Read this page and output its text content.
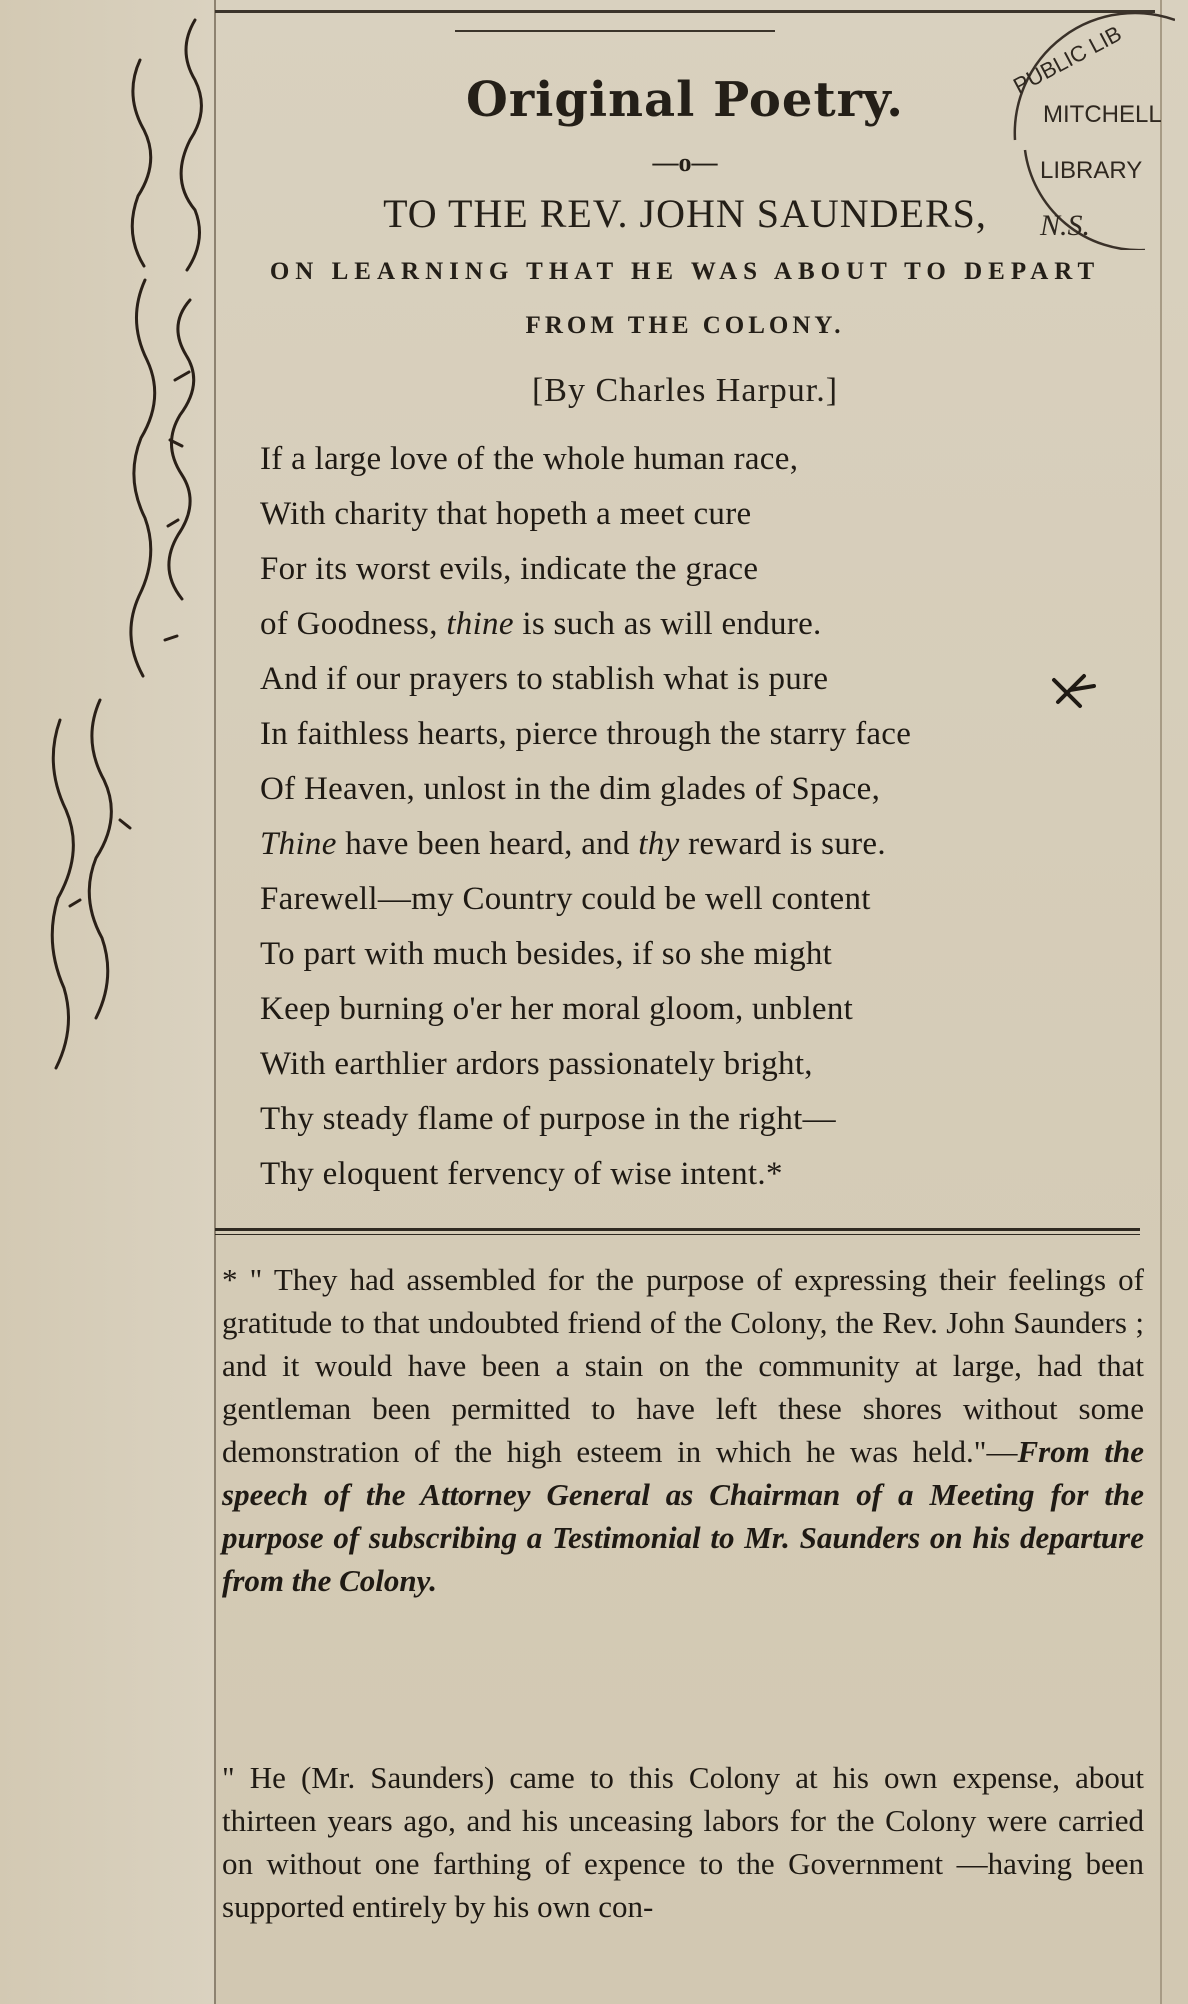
Original Poetry.
—o—
TO THE REV. JOHN SAUNDERS,
ON LEARNING THAT HE WAS ABOUT TO DEPART
FROM THE COLONY.
[By Charles Harpur.]
If a large love of the whole human race,
With charity that hopeth a meet cure
For its worst evils, indicate the grace
of Goodness, thine is such as will endure.
And if our prayers to stablish what is pure
In faithless hearts, pierce through the starry face
Of Heaven, unlost in the dim glades of Space,
Thine have been heard, and thy reward is sure.
Farewell—my Country could be well content
To part with much besides, if so she might
Keep burning o'er her moral gloom, unblent
With earthlier ardors passionately bright,
Thy steady flame of purpose in the right—
Thy eloquent fervency of wise intent.*

* " They had assembled for the purpose of expressing their feelings of gratitude to that undoubted friend of the Colony, the Rev. John Saunders ; and it would have been a stain on the community at large, had that gentleman been permitted to have left these shores without some demonstration of the high esteem in which he was held."—From the speech of the Attorney General as Chairman of a Meeting for the purpose of subscribing a Testimonial to Mr. Saunders on his departure from the Colony.

" He (Mr. Saunders) came to this Colony at his own expense, about thirteen years ago, and his unceasing labors for the Colony were carried on without one farthing of expence to the Government —having been supported entirely by his own con-

PUBLIC LIB
MITCHELL
LIBRARY
N.S.
